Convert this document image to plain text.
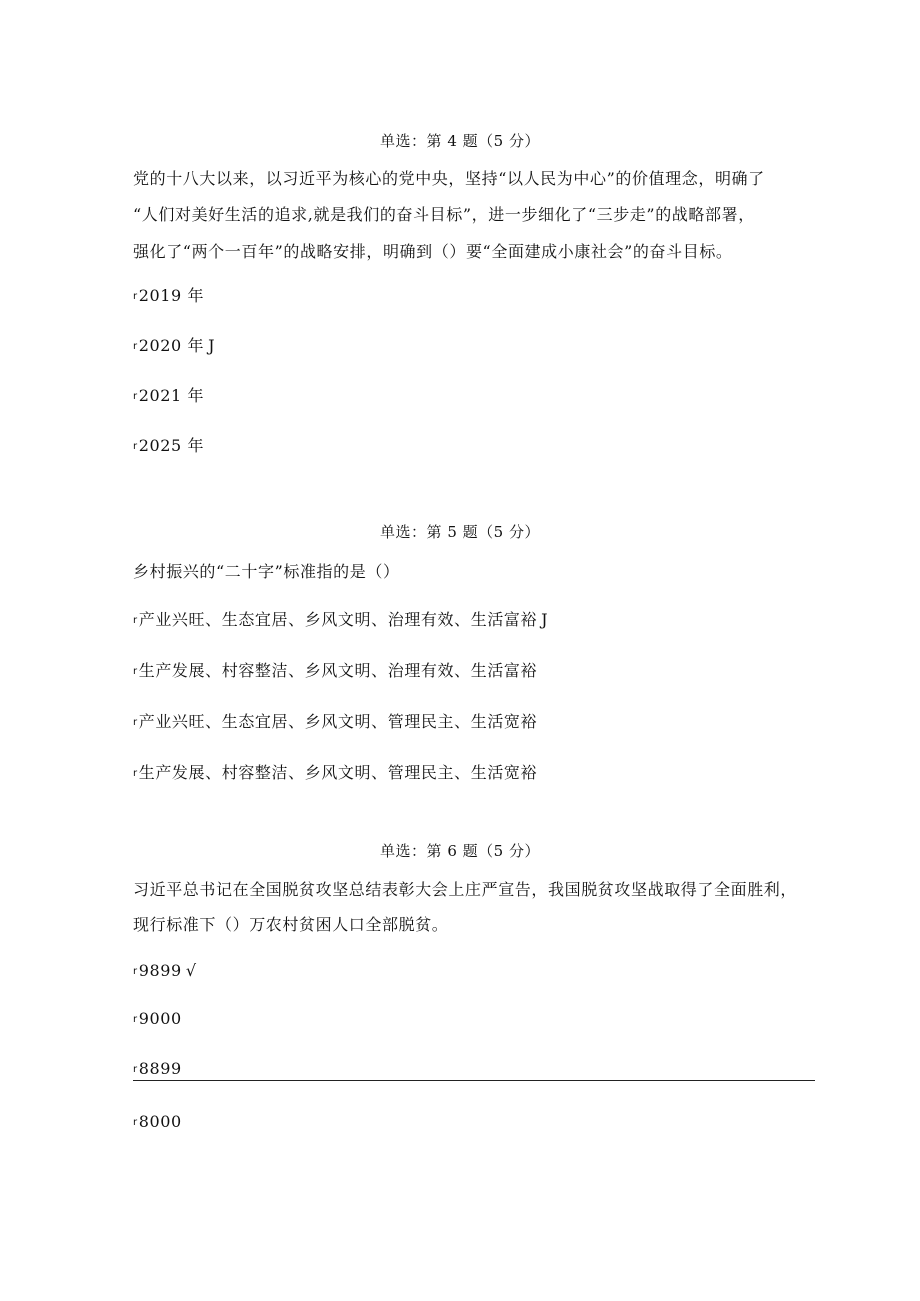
单选：第 4 题（5 分）
党的十八大以来，以习近平为核心的党中央，坚持“以人民为中心”的价值理念，明确了
“人们对美好生活的追求,就是我们的奋斗目标”，进一步细化了“三步走”的战略部署，
强化了“两个一百年”的战略安排，明确到（）要“全面建成小康社会”的奋斗目标。
$^r$2019 年
$^r$2020 年 J
$^r$2021 年
$^r$2025 年
单选：第 5 题（5 分）
乡村振兴的“二十字”标准指的是（）
$^r$产业兴旺、生态宜居、乡风文明、治理有效、生活富裕 J
$^r$生产发展、村容整洁、乡风文明、治理有效、生活富裕
$^r$产业兴旺、生态宜居、乡风文明、管理民主、生活宽裕
$^r$生产发展、村容整洁、乡风文明、管理民主、生活宽裕
单选：第 6 题（5 分）
习近平总书记在全国脱贫攻坚总结表彰大会上庄严宣告，我国脱贫攻坚战取得了全面胜利，
现行标准下（）万农村贫困人口全部脱贫。
$^r$9899 √
$^r$9000
$^r$8899
$^r$8000
